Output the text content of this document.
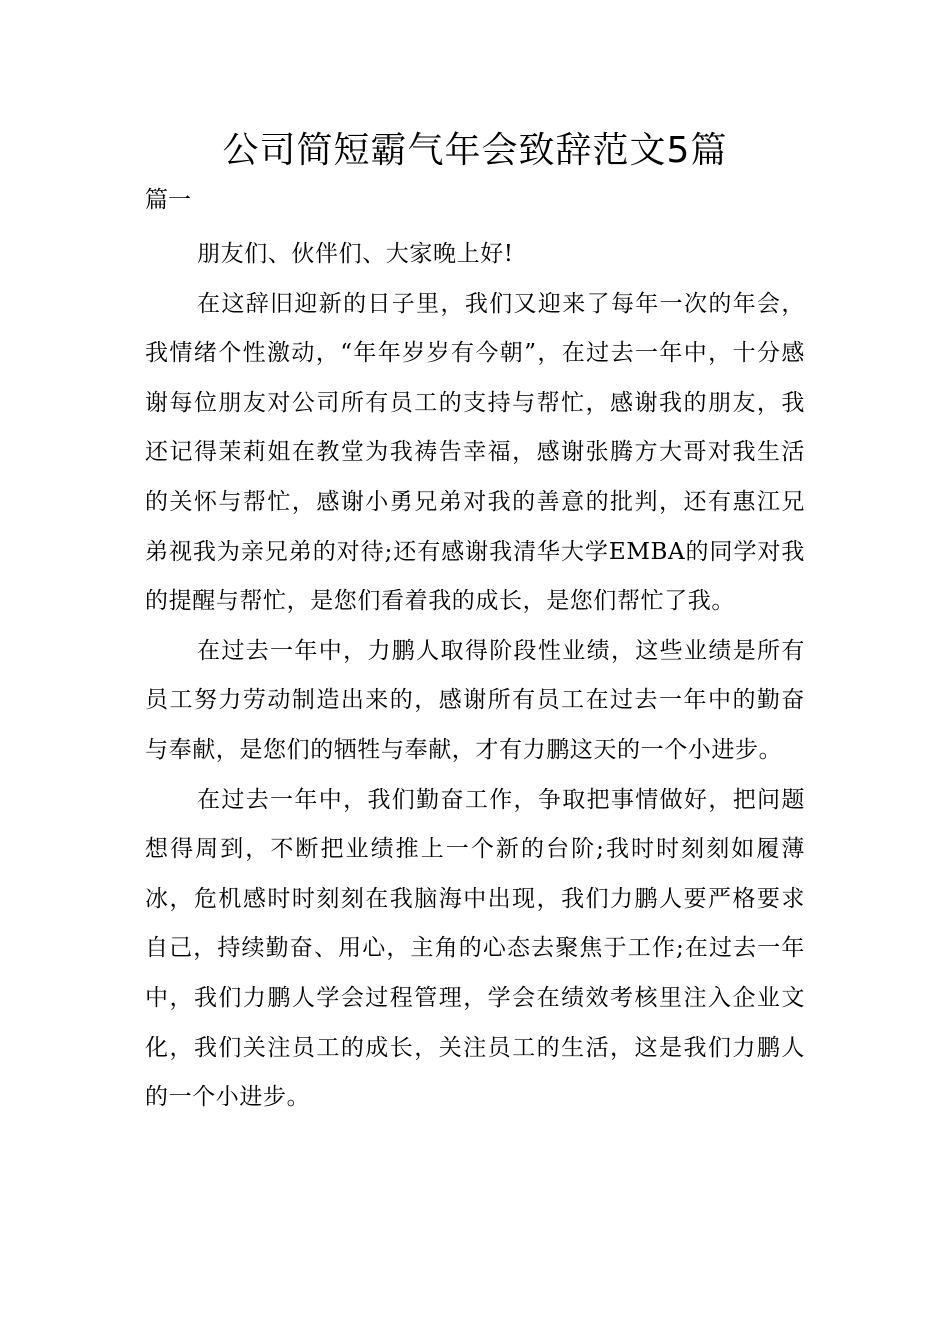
公司简短霸气年会致辞范文5篇

篇一

朋友们、伙伴们、大家晚上好!

在这辞旧迎新的日子里，我们又迎来了每年一次的年会，我情绪个性激动，“年年岁岁有今朝”，在过去一年中，十分感谢每位朋友对公司所有员工的支持与帮忙，感谢我的朋友，我还记得茉莉姐在教堂为我祷告幸福，感谢张腾方大哥对我生活的关怀与帮忙，感谢小勇兄弟对我的善意的批判，还有惠江兄弟视我为亲兄弟的对待;还有感谢我清华大学EMBA的同学对我的提醒与帮忙，是您们看着我的成长，是您们帮忙了我。

在过去一年中，力鹏人取得阶段性业绩，这些业绩是所有员工努力劳动制造出来的，感谢所有员工在过去一年中的勤奋与奉献，是您们的牺牲与奉献，才有力鹏这天的一个小进步。

在过去一年中，我们勤奋工作，争取把事情做好，把问题想得周到，不断把业绩推上一个新的台阶;我时时刻刻如履薄冰，危机感时时刻刻在我脑海中出现，我们力鹏人要严格要求自己，持续勤奋、用心，主角的心态去聚焦于工作;在过去一年中，我们力鹏人学会过程管理，学会在绩效考核里注入企业文化，我们关注员工的成长，关注员工的生活，这是我们力鹏人的一个小进步。
